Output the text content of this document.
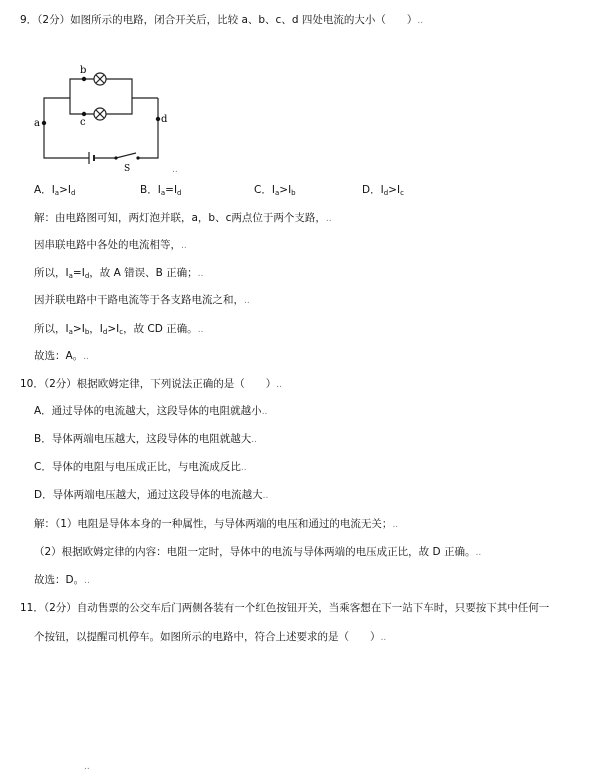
9．（2分）如图所示的电路，闭合开关后，比较 a、b、c、d 四处电流的大小（　　）..
a
b
c	d
S	..
A．$I_a>I_d$	B．$I_a=I_d$	C．$I_a>I_b$	D．$I_d>I_c$
解：由电路图可知，两灯泡并联，a，b、c两点位于两个支路，..
因串联电路中各处的电流相等，..
所以，$I_a=I_d$，故 A 错误、B 正确；..
因并联电路中干路电流等于各支路电流之和，..
所以，$I_a>I_b$，$I_d>I_c$，故 CD 正确。..
故选：A。..
10．（2分）根据欧姆定律，下列说法正确的是（　　）..
A．通过导体的电流越大，这段导体的电阻就越小..
B．导体两端电压越大，这段导体的电阻就越大..
C．导体的电阻与电压成正比，与电流成反比..
D．导体两端电压越大，通过这段导体的电流越大..
解：（1）电阻是导体本身的一种属性，与导体两端的电压和通过的电流无关；..
（2）根据欧姆定律的内容：电阻一定时，导体中的电流与导体两端的电压成正比，故 D 正确。..
故选：D。..
11．（2分）自动售票的公交车后门两侧各装有一个红色按钮开关，当乘客想在下一站下车时，只要按下其中任何一
个按钮，以提醒司机停车。如图所示的电路中，符合上述要求的是（　　）..
..
